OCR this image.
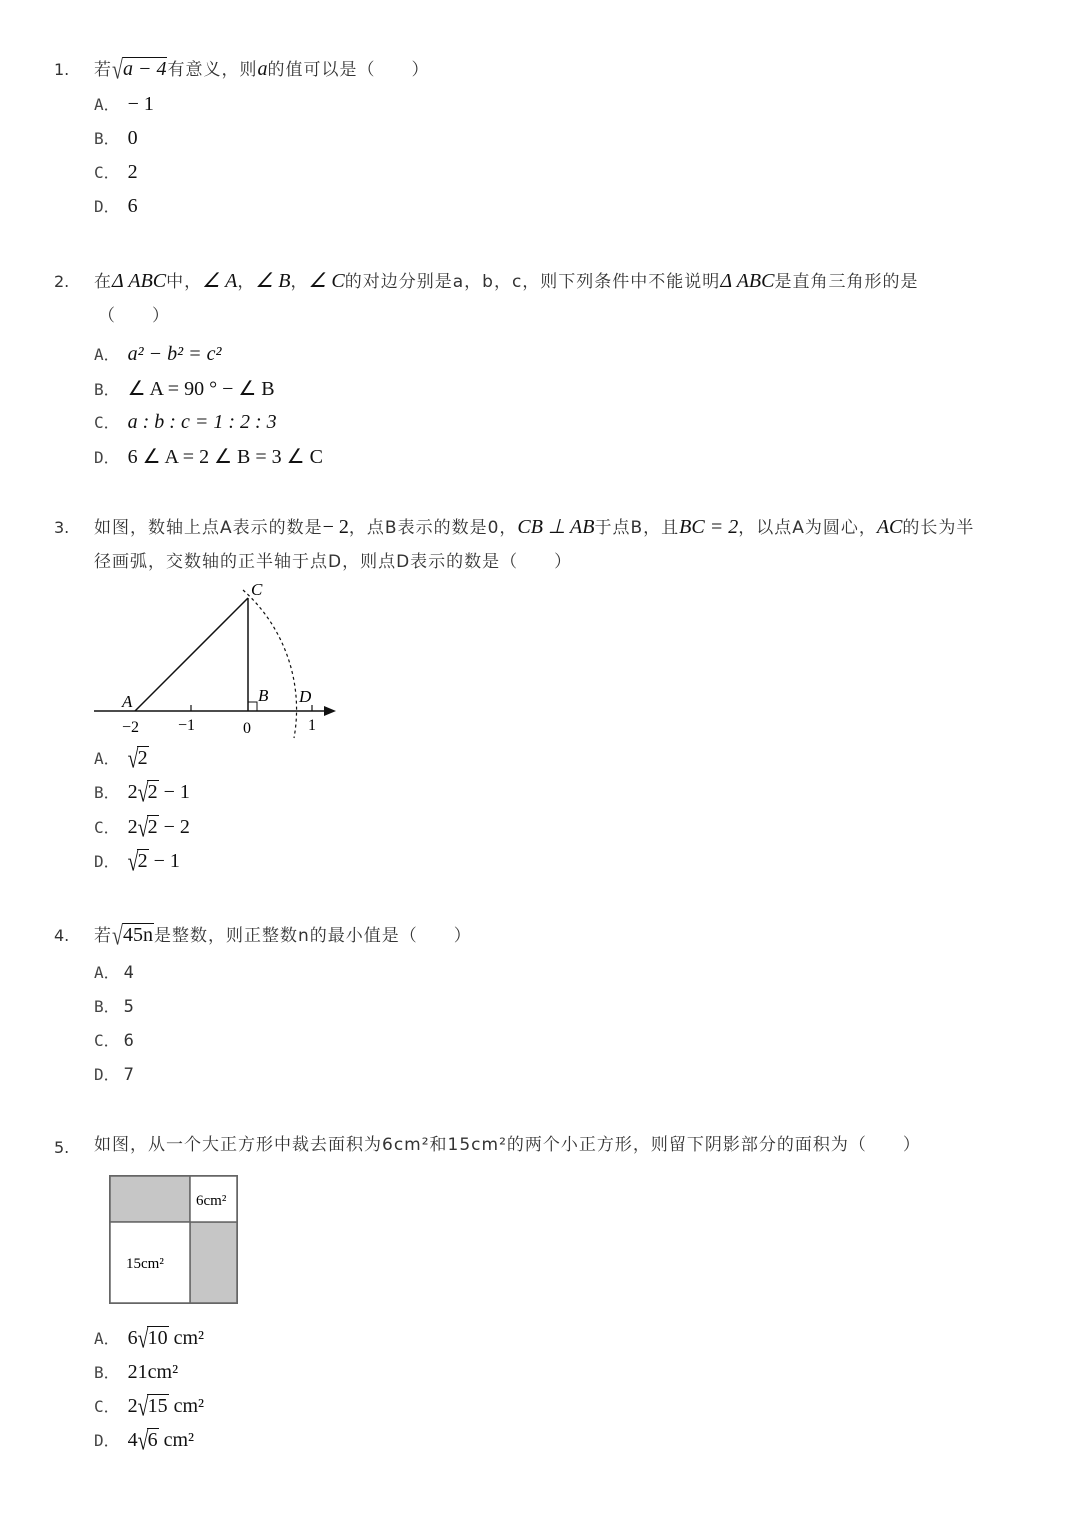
1. 若√a − 4有意义，则a的值可以是（　　）
A． − 1
B． 0
C． 2
D． 6
2. 在Δ ABC中，∠ A，∠ B，∠ C的对边分别是a，b，c，则下列条件中不能说明Δ ABC是直角三角形的是
（　　）
A． a² − b² = c²
B． ∠ A = 90 ° − ∠ B
C． a : b : c = 1 : 2 : 3
D． 6 ∠ A = 2 ∠ B = 3 ∠ C
3. 如图，数轴上点A表示的数是− 2，点B表示的数是0，CB ⊥ AB于点B，且BC = 2，以点A为圆心，AC的长为半
径画弧，交数轴的正半轴于点D，则点D表示的数是（　　）
A	B
C
D
−2 −1	0	1
A． √2
B． 2√2 − 1
C． 2√2 − 2
D． √2 − 1
4. 若√45n是整数，则正整数n的最小值是（　　）
A． 4
B． 5
C． 6
D． 7
5. 如图，从一个大正方形中裁去面积为6cm²和15cm²的两个小正方形，则留下阴影部分的面积为（　　）
6cm²
15cm²
A． 6√10 cm²
B． 21cm²
C． 2√15 cm²
D． 4√6 cm²
